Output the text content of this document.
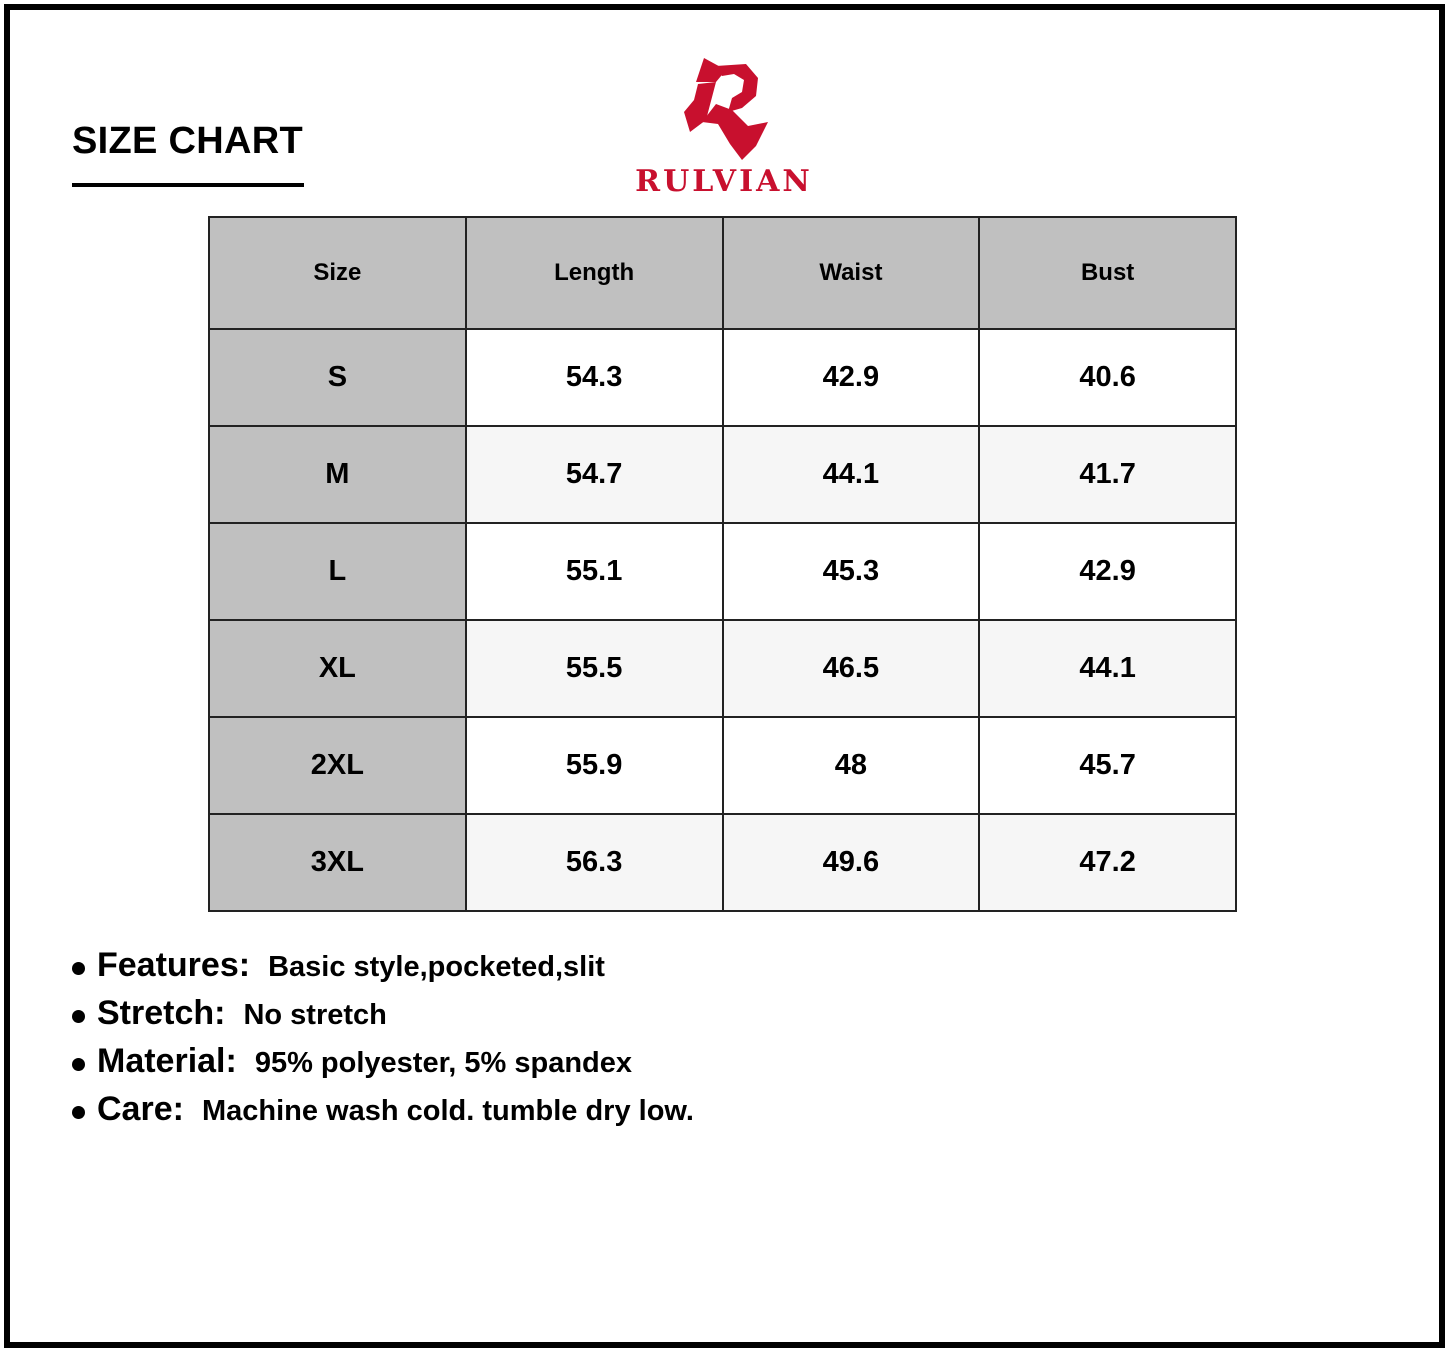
SIZE CHART
RULVIAN
Size	Length	Waist	Bust
S	54.3	42.9	40.6
M	54.7	44.1	41.7
L	55.1	45.3	42.9
XL	55.5	46.5	44.1
2XL	55.9	48	45.7
3XL	56.3	49.6	47.2
Features: Basic style,pocketed,slit
Stretch: No stretch
Material: 95% polyester, 5% spandex
Care: Machine wash cold. tumble dry low.
